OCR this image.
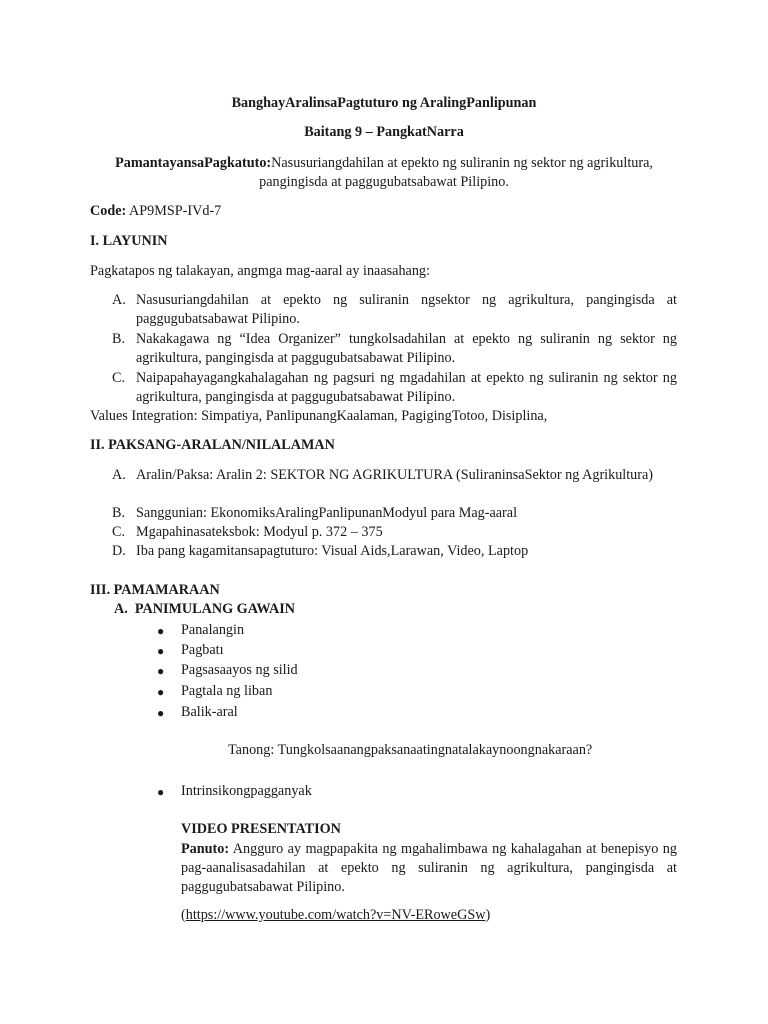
BanghayAralinsaPagtuturo ng AralingPanlipunan
Baitang 9 – PangkatNarra
PamantayansaPagkatuto:Nasusuriangdahilan at epekto ng suliranin ng sektor ng agrikultura,
pangingisda at paggugubatsabawat Pilipino.
Code: AP9MSP-IVd-7
I. LAYUNIN
Pagkatapos ng talakayan, angmga mag-aaral ay inaasahang:
A. Nasusuriangdahilan at epekto ng suliranin ngsektor ng agrikultura, pangingisda at paggugubatsabawat Pilipino.
B. Nakakagawa ng “Idea Organizer” tungkolsadahilan at epekto ng suliranin ng sektor ng agrikultura, pangingisda at paggugubatsabawat Pilipino.
C. Naipapahayagangkahalagahan ng pagsuri ng mgadahilan at epekto ng suliranin ng sektor ng agrikultura, pangingisda at paggugubatsabawat Pilipino.
Values Integration: Simpatiya, PanlipunangKaalaman, PagigingTotoo, Disiplina,
II. PAKSANG-ARALAN/NILALAMAN
A. Aralin/Paksa: Aralin 2: SEKTOR NG AGRIKULTURA (SuliraninsaSektor ng Agrikultura)
B. Sanggunian: EkonomiksAralingPanlipunanModyul para Mag-aaral
C. Mgapahinasateksbok: Modyul p. 372 – 375
D. Iba pang kagamitansapagtuturo: Visual Aids,Larawan, Video, Laptop
III. PAMAMARAAN
A.  PANIMULANG GAWAIN
● Panalangin
● Pagbatı
● Pagsasaayos ng silid
● Pagtala ng liban
● Balik-aral
Tanong: Tungkolsaanangpaksanaatingnatalakaynoongnakaraan?
● Intrinsikongpagganyak
VIDEO PRESENTATION
Panuto: Angguro ay magpapakita ng mgahalimbawa ng kahalagahan at benepisyo ng pag-aanalisasadahilan at epekto ng suliranin ng agrikultura, pangingisda at paggugubatsabawat Pilipino.
(https://www.youtube.com/watch?v=NV-ERoweGSw)
